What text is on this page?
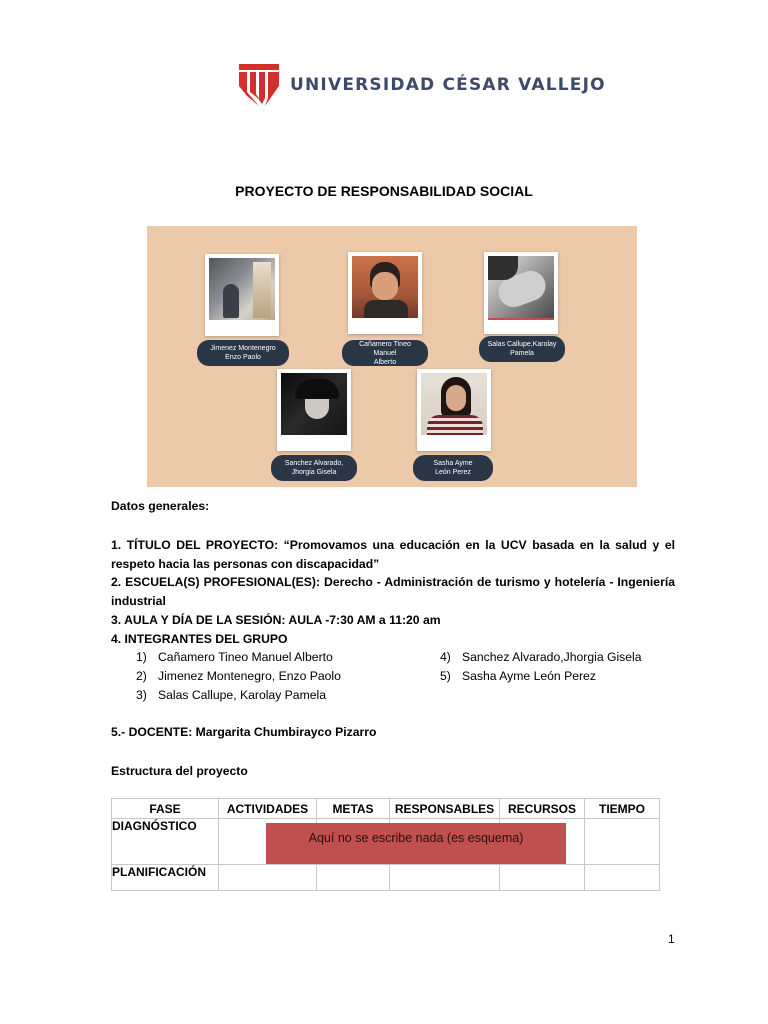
UNIVERSIDAD CÉSAR VALLEJO
PROYECTO DE RESPONSABILIDAD SOCIAL
Jimenez Montenegro
Enzo Paolo
Cañamero Tineo Manuel
Alberto
Salas Callupe,Karolay
Pamela
Sanchez Alvarado,
Jhorgia Gisela
Sasha Ayme
León Perez
Datos generales:
1. TÍTULO DEL PROYECTO: “Promovamos una educación en la UCV basada en la salud y el respeto hacia las personas con discapacidad”
2. ESCUELA(S) PROFESIONAL(ES): Derecho - Administración de turismo y hotelería - Ingeniería industrial
3. AULA Y DÍA DE LA SESIÓN: AULA -7:30 AM a 11:20 am
4. INTEGRANTES DEL GRUPO
1) Cañamero Tineo Manuel Alberto
2) Jimenez Montenegro, Enzo Paolo
3) Salas Callupe, Karolay Pamela
4) Sanchez Alvarado,Jhorgia Gisela
5) Sasha Ayme León Perez
5.- DOCENTE: Margarita Chumbirayco Pizarro
Estructura del proyecto
FASE	ACTIVIDADES	METAS	RESPONSABLES	RECURSOS	TIEMPO
DIAGNÓSTICO					
PLANIFICACIÓN					
Aquí no se escribe nada (es esquema)
1
